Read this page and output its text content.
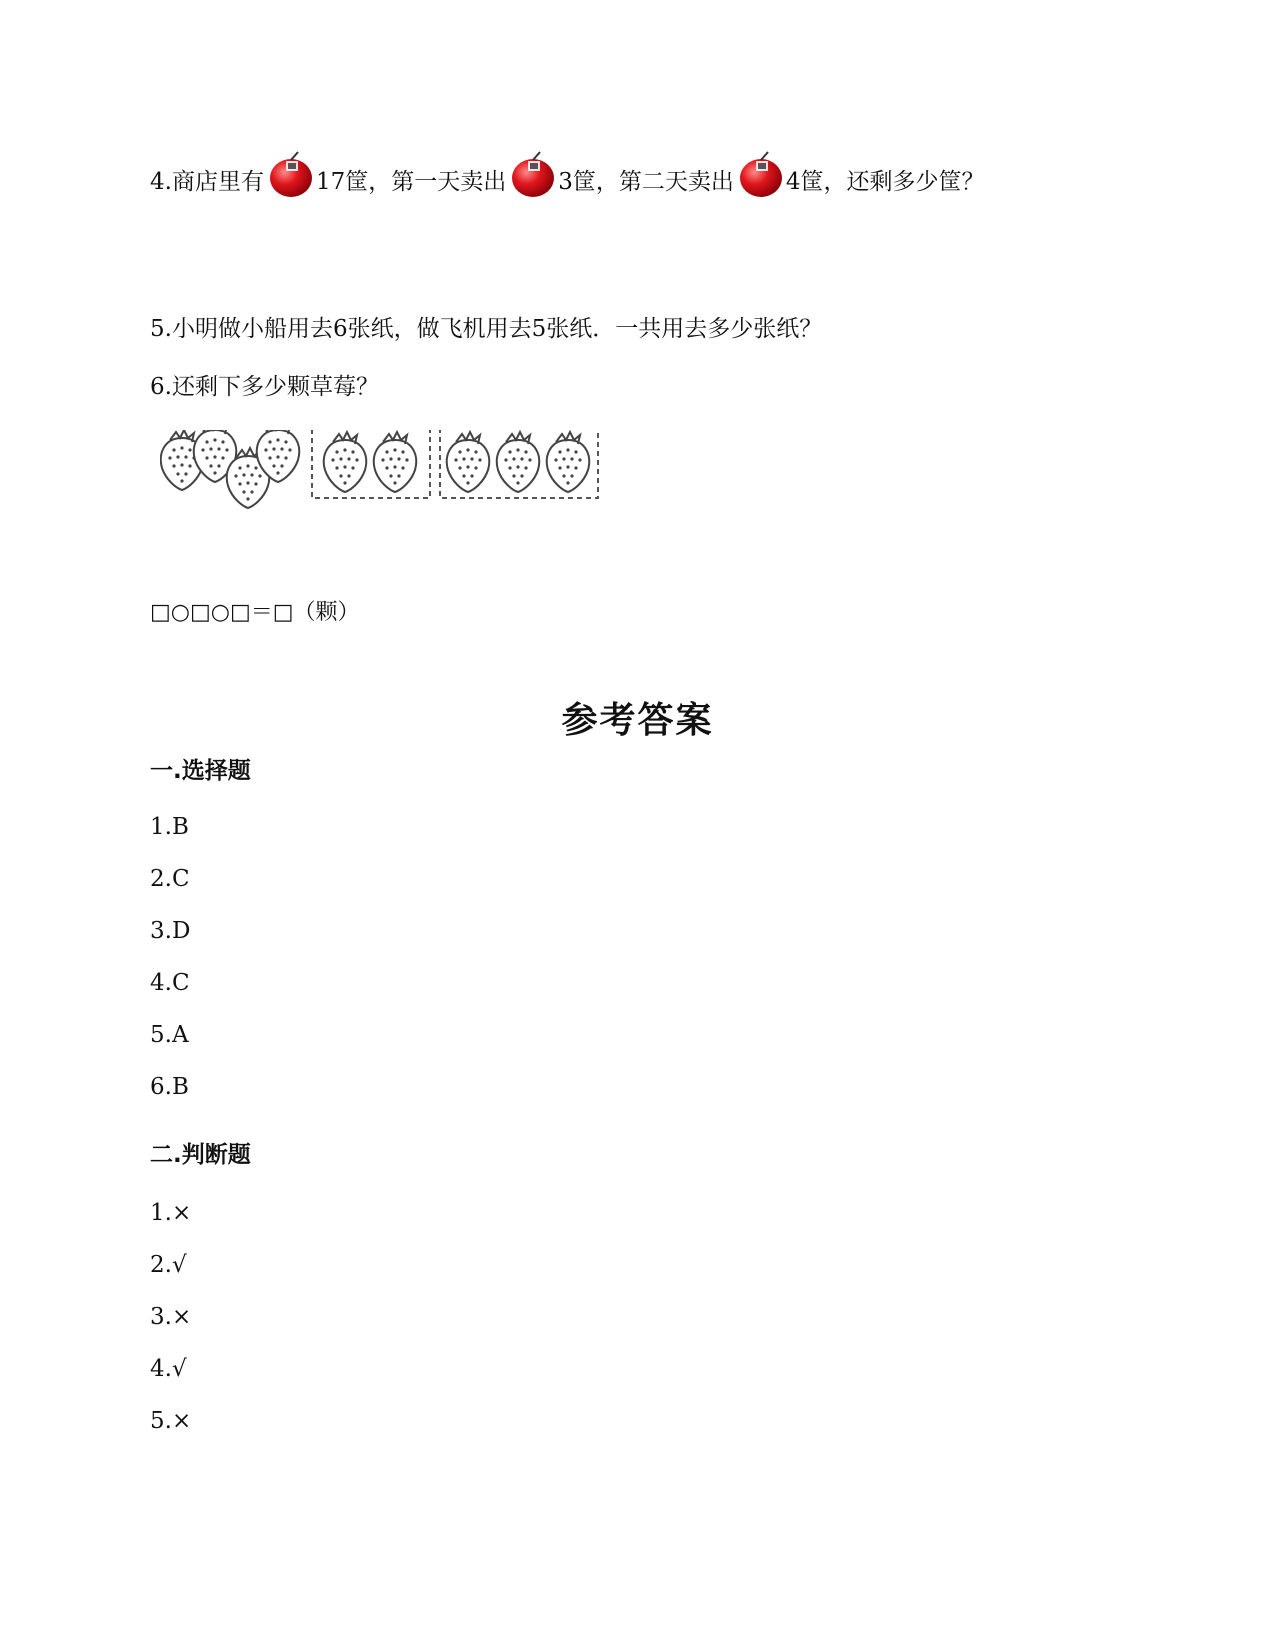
4.商店里有 17筐，第一天卖出 3筐，第二天卖出 4筐，还剩多少筐？
5.小明做小船用去6张纸，做飞机用去5张纸．一共用去多少张纸？
6.还剩下多少颗草莓？
□○□○□＝□（颗）
参考答案
一.选择题
1.B
2.C
3.D
4.C
5.A
6.B
二.判断题
1.×
2.√
3.×
4.√
5.×
